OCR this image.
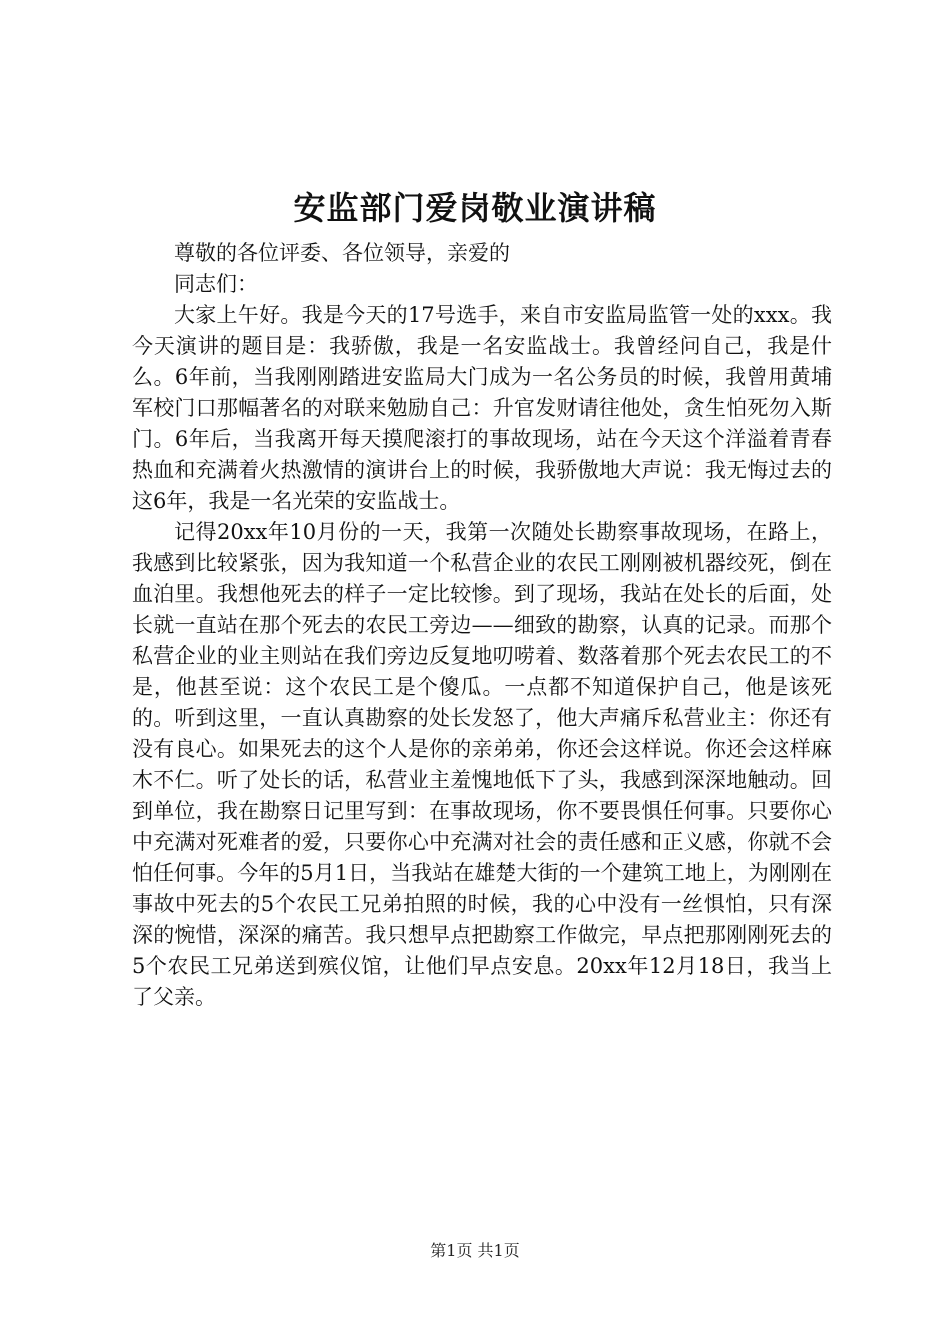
安监部门爱岗敬业演讲稿

尊敬的各位评委、各位领导，亲爱的

同志们：

大家上午好。我是今天的17号选手，来自市安监局监管一处的xxx。我今天演讲的题目是：我骄傲，我是一名安监战士。我曾经问自己，我是什么。6年前，当我刚刚踏进安监局大门成为一名公务员的时候，我曾用黄埔军校门口那幅著名的对联来勉励自己：升官发财请往他处，贪生怕死勿入斯门。6年后，当我离开每天摸爬滚打的事故现场，站在今天这个洋溢着青春热血和充满着火热激情的演讲台上的时候，我骄傲地大声说：我无悔过去的这6年，我是一名光荣的安监战士。

记得20xx年10月份的一天，我第一次随处长勘察事故现场，在路上，我感到比较紧张，因为我知道一个私营企业的农民工刚刚被机器绞死，倒在血泊里。我想他死去的样子一定比较惨。到了现场，我站在处长的后面，处长就一直站在那个死去的农民工旁边——细致的勘察，认真的记录。而那个私营企业的业主则站在我们旁边反复地叨唠着、数落着那个死去农民工的不是，他甚至说：这个农民工是个傻瓜。一点都不知道保护自己，他是该死的。听到这里，一直认真勘察的处长发怒了，他大声痛斥私营业主：你还有没有良心。如果死去的这个人是你的亲弟弟，你还会这样说。你还会这样麻木不仁。听了处长的话，私营业主羞愧地低下了头，我感到深深地触动。回到单位，我在勘察日记里写到：在事故现场，你不要畏惧任何事。只要你心中充满对死难者的爱，只要你心中充满对社会的责任感和正义感，你就不会怕任何事。今年的5月1日，当我站在雄楚大街的一个建筑工地上，为刚刚在事故中死去的5个农民工兄弟拍照的时候，我的心中没有一丝惧怕，只有深深的惋惜，深深的痛苦。我只想早点把勘察工作做完，早点把那刚刚死去的5个农民工兄弟送到殡仪馆，让他们早点安息。20xx年12月18日，我当上了父亲。

第1页 共1页
